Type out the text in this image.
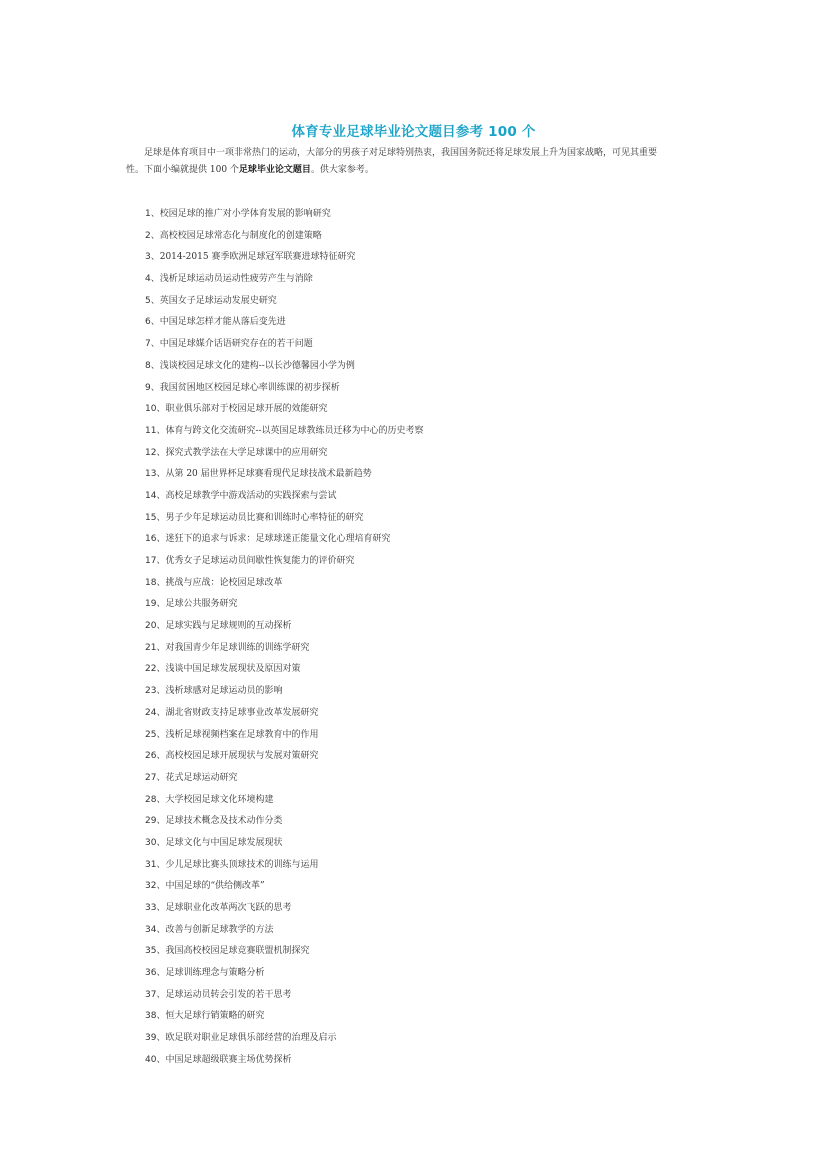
体育专业足球毕业论文题目参考 100 个
足球是体育项目中一项非常热门的运动，大部分的男孩子对足球特别热衷，我国国务院还将足球发展上升为国家战略，可见其重要
性。下面小编就提供 100 个足球毕业论文题目。供大家参考。
1、校园足球的推广对小学体育发展的影响研究
2、高校校园足球常态化与制度化的创建策略
3、2014-2015 赛季欧洲足球冠军联赛进球特征研究
4、浅析足球运动员运动性疲劳产生与消除
5、英国女子足球运动发展史研究
6、中国足球怎样才能从落后变先进
7、中国足球媒介话语研究存在的若干问题
8、浅谈校园足球文化的建构--以长沙德馨园小学为例
9、我国贫困地区校园足球心率训练课的初步探析
10、职业俱乐部对于校园足球开展的效能研究
11、体育与跨文化交流研究--以英国足球教练员迁移为中心的历史考察
12、探究式教学法在大学足球课中的应用研究
13、从第 20 届世界杯足球赛看现代足球技战术最新趋势
14、高校足球教学中游戏活动的实践探索与尝试
15、男子少年足球运动员比赛和训练时心率特征的研究
16、迷狂下的追求与诉求：足球球迷正能量文化心理培育研究
17、优秀女子足球运动员间歇性恢复能力的评价研究
18、挑战与应战：论校园足球改革
19、足球公共服务研究
20、足球实践与足球规则的互动探析
21、对我国青少年足球训练的训练学研究
22、浅谈中国足球发展现状及原因对策
23、浅析球感对足球运动员的影响
24、湖北省财政支持足球事业改革发展研究
25、浅析足球视频档案在足球教育中的作用
26、高校校园足球开展现状与发展对策研究
27、花式足球运动研究
28、大学校园足球文化环境构建
29、足球技术概念及技术动作分类
30、足球文化与中国足球发展现状
31、少儿足球比赛头顶球技术的训练与运用
32、中国足球的“供给侧改革”
33、足球职业化改革两次飞跃的思考
34、改善与创新足球教学的方法
35、我国高校校园足球竞赛联盟机制探究
36、足球训练理念与策略分析
37、足球运动员转会引发的若干思考
38、恒大足球行销策略的研究
39、欧足联对职业足球俱乐部经营的治理及启示
40、中国足球超级联赛主场优势探析
